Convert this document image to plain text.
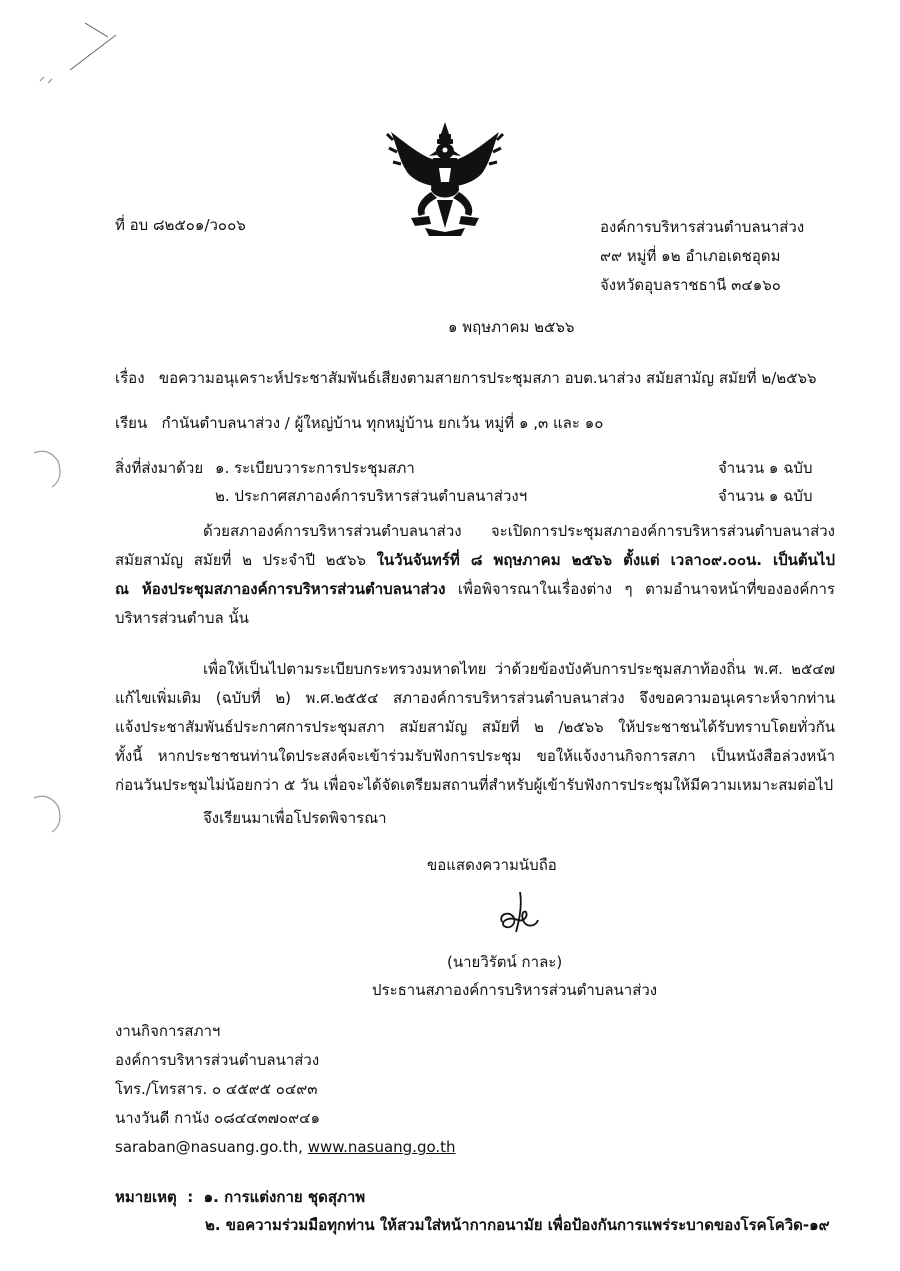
ที่ อบ ๘๒๕๐๑/ว๐๐๖	องค์การบริหารส่วนตำบลนาส่วง
๙๙ หมู่ที่ ๑๒ อำเภอเดชอุดม
จังหวัดอุบลราชธานี ๓๔๑๖๐
๑ พฤษภาคม ๒๕๖๖
เรื่อง ขอความอนุเคราะห์ประชาสัมพันธ์เสียงตามสายการประชุมสภา อบต.นาส่วง สมัยสามัญ สมัยที่ ๒/๒๕๖๖
เรียน กำนันตำบลนาส่วง / ผู้ใหญ่บ้าน ทุกหมู่บ้าน ยกเว้น หมู่ที่ ๑ ,๓ และ ๑๐
สิ่งที่ส่งมาด้วย ๑. ระเบียบวาระการประชุมสภา	จำนวน ๑ ฉบับ
๒. ประกาศสภาองค์การบริหารส่วนตำบลนาส่วงฯ	จำนวน ๑ ฉบับ
ด้วยสภาองค์การบริหารส่วนตำบลนาส่วง จะเปิดการประชุมสภาองค์การบริหารส่วนตำบลนาส่วง
สมัยสามัญ สมัยที่ ๒ ประจำปี ๒๕๖๖ ในวันจันทร์ที่ ๘ พฤษภาคม ๒๕๖๖ ตั้งแต่ เวลา๐๙.๐๐น. เป็นต้นไป
ณ ห้องประชุมสภาองค์การบริหารส่วนตำบลนาส่วง เพื่อพิจารณาในเรื่องต่าง ๆ ตามอำนาจหน้าที่ขององค์การ
บริหารส่วนตำบล นั้น
เพื่อให้เป็นไปตามระเบียบกระทรวงมหาดไทย ว่าด้วยข้องบังคับการประชุมสภาท้องถิ่น พ.ศ. ๒๕๔๗
แก้ไขเพิ่มเติม (ฉบับที่ ๒) พ.ศ.๒๕๕๔ สภาองค์การบริหารส่วนตำบลนาส่วง จึงขอความอนุเคราะห์จากท่าน
แจ้งประชาสัมพันธ์ประกาศการประชุมสภา สมัยสามัญ สมัยที่ ๒ /๒๕๖๖ ให้ประชาชนได้รับทราบโดยทั่วกัน
ทั้งนี้ หากประชาชนท่านใดประสงค์จะเข้าร่วมรับฟังการประชุม ขอให้แจ้งงานกิจการสภา เป็นหนังสือล่วงหน้า
ก่อนวันประชุมไม่น้อยกว่า ๕ วัน เพื่อจะได้จัดเตรียมสถานที่สำหรับผู้เข้ารับฟังการประชุมให้มีความเหมาะสมต่อไป
จึงเรียนมาเพื่อโปรดพิจารณา
ขอแสดงความนับถือ
(นายวิรัตน์ กาละ)
ประธานสภาองค์การบริหารส่วนตำบลนาส่วง
งานกิจการสภาฯ
องค์การบริหารส่วนตำบลนาส่วง
โทร./โทรสาร. ๐ ๔๕๙๕ ๐๔๙๓
นางวันดี กานัง ๐๘๔๔๓๗๐๙๔๑
saraban@nasuang.go.th, www.nasuang.go.th
หมายเหตุ  :  ๑. การแต่งกาย ชุดสุภาพ
๒. ขอความร่วมมือทุกท่าน ให้สวมใส่หน้ากากอนามัย เพื่อป้องกันการแพร่ระบาดของโรคโควิด-๑๙
